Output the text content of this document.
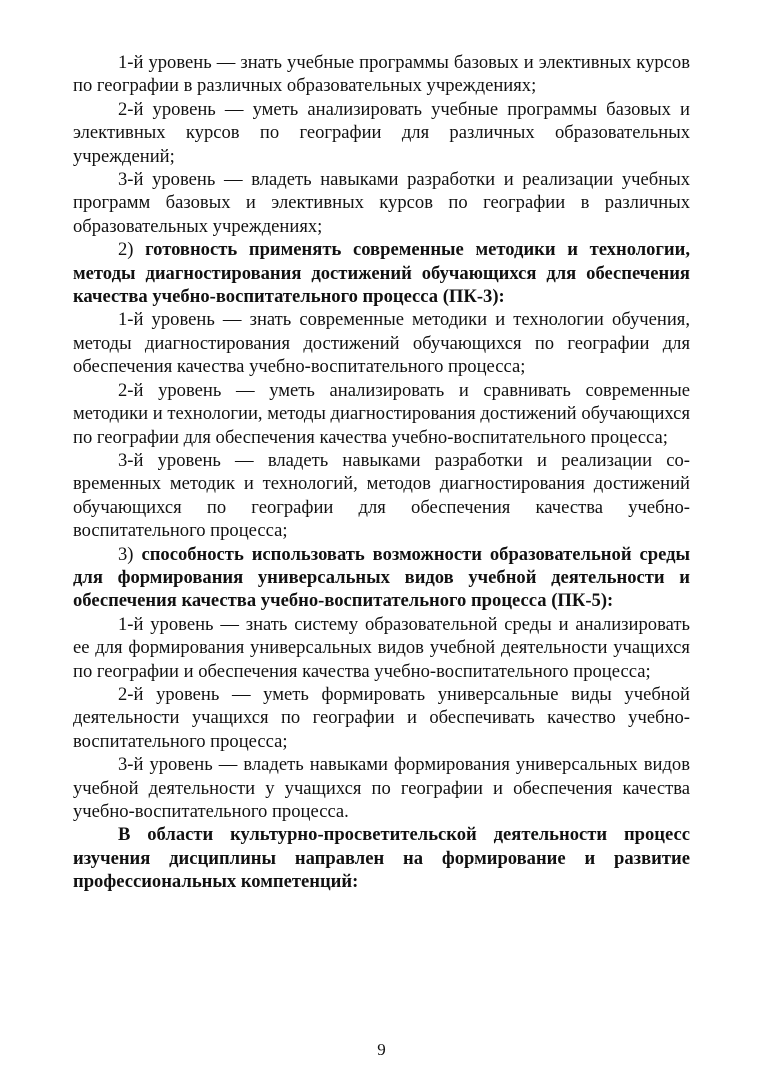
1-й уровень — знать учебные программы базовых и элективных курсов по географии в различных образовательных учреждениях;

2-й уровень — уметь анализировать учебные программы базовых и элективных курсов по географии для различных образовательных учреждений;

3-й уровень — владеть навыками разработки и реализации учебных программ базовых и элективных курсов по географии в различных образовательных учреждениях;

2) готовность применять современные методики и технологии, методы диагностирования достижений обучающихся для обеспечения качества учебно-воспитательного процесса (ПК-3):

1-й уровень — знать современные методики и технологии обучения, методы диагностирования достижений обучающихся по географии для обеспечения качества учебно-воспитательного процесса;

2-й уровень — уметь анализировать и сравнивать современные методики и технологии, методы диагностирования достижений обучающихся по географии для обеспечения качества учебно-воспитательного процесса;

3-й уровень — владеть навыками разработки и реализации современных методик и технологий, методов диагностирования достижений обучающихся по географии для обеспечения качества учебно-воспитательного процесса;

3) способность использовать возможности образовательной среды для формирования универсальных видов учебной деятельности и обеспечения качества учебно-воспитательного процесса (ПК-5):

1-й уровень — знать систему образовательной среды и анализировать ее для формирования универсальных видов учебной деятельности учащихся по географии и обеспечения качества учебно-воспитательного процесса;

2-й уровень — уметь формировать универсальные виды учебной деятельности учащихся по географии и обеспечивать качество учебно-воспитательного процесса;

3-й уровень — владеть навыками формирования универсальных видов учебной деятельности у учащихся по географии и обеспечения качества учебно-воспитательного процесса.

В области культурно-просветительской деятельности процесс изучения дисциплины направлен на формирование и развитие профессиональных компетенций:

9
